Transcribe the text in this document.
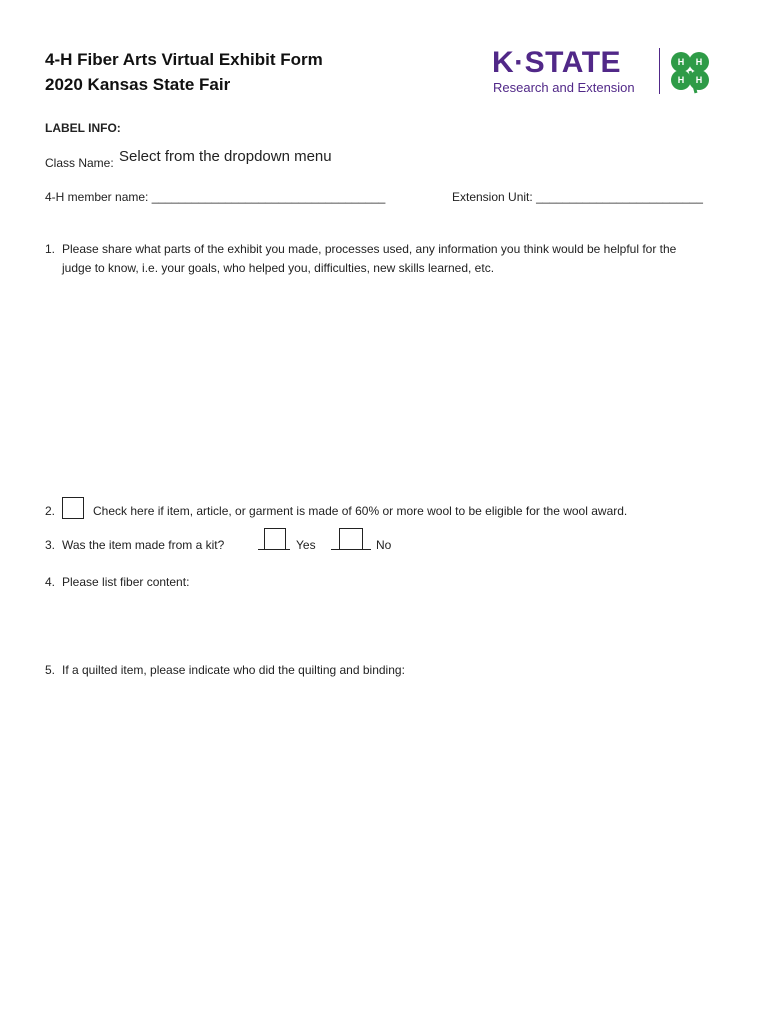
4-H Fiber Arts Virtual Exhibit Form
2020 Kansas State Fair
K·STATE
Research and Extension
H H
H H
LABEL INFO:
Class Name: Select from the dropdown menu
4-H member name: ___________________________________	Extension Unit: _________________________
1. Please share what parts of the exhibit you made, processes used, any information you think would be helpful for the
judge to know, i.e. your goals, who helped you, difficulties, new skills learned, etc.
2.	Check here if item, article, or garment is made of 60% or more wool to be eligible for the wool award.
3. Was the item made from a kit?	Yes	No
4. Please list fiber content:
5. If a quilted item, please indicate who did the quilting and binding:
